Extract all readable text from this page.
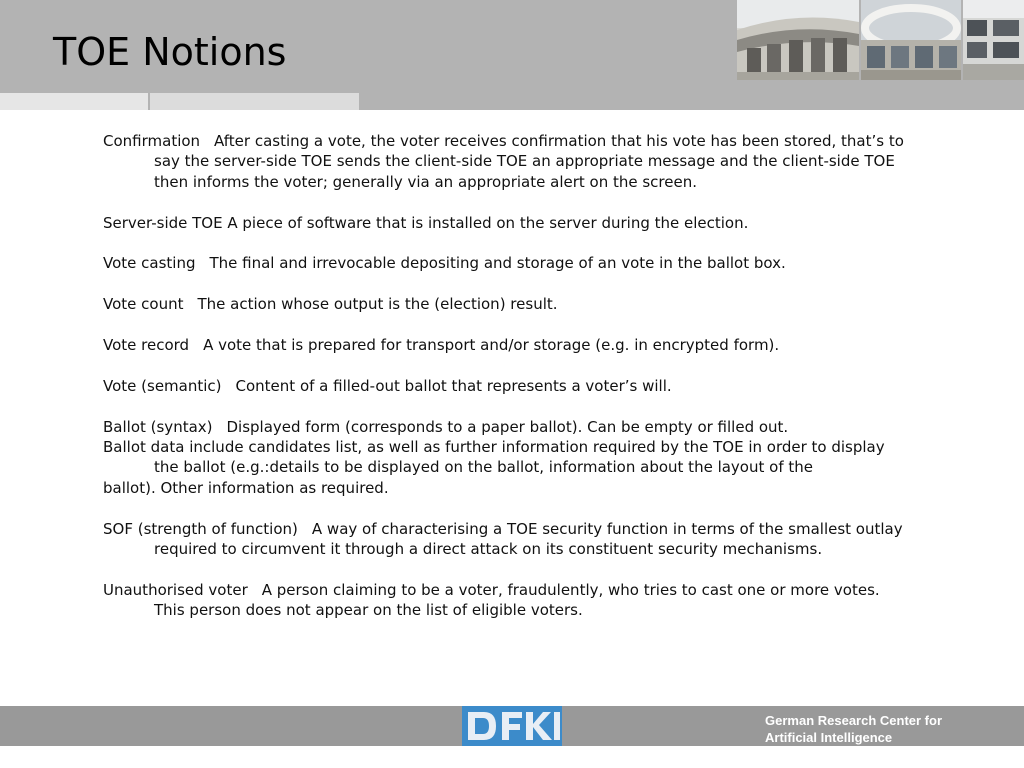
TOE Notions

Confirmation After casting a vote, the voter receives confirmation that his vote has been stored, that’s to say the server-side TOE sends the client-side TOE an appropriate message and the client-side TOE then informs the voter; generally via an appropriate alert on the screen.

Server-side TOE A piece of software that is installed on the server during the election.

Vote casting The final and irrevocable depositing and storage of an vote in the ballot box.

Vote count The action whose output is the (election) result.

Vote record A vote that is prepared for transport and/or storage (e.g. in encrypted form).

Vote (semantic) Content of a filled-out ballot that represents a voter’s will.

Ballot (syntax) Displayed form (corresponds to a paper ballot). Can be empty or filled out.

Ballot data include candidates list, as well as further information required by the TOE in order to display the ballot (e.g.:details to be displayed on the ballot, information about the layout of the

ballot). Other information as required.

SOF (strength of function) A way of characterising a TOE security function in terms of the smallest outlay required to circumvent it through a direct attack on its constituent security mechanisms.

Unauthorised voter A person claiming to be a voter, fraudulently, who tries to cast one or more votes. This person does not appear on the list of eligible voters.

German Research Center for
Artificial Intelligence
